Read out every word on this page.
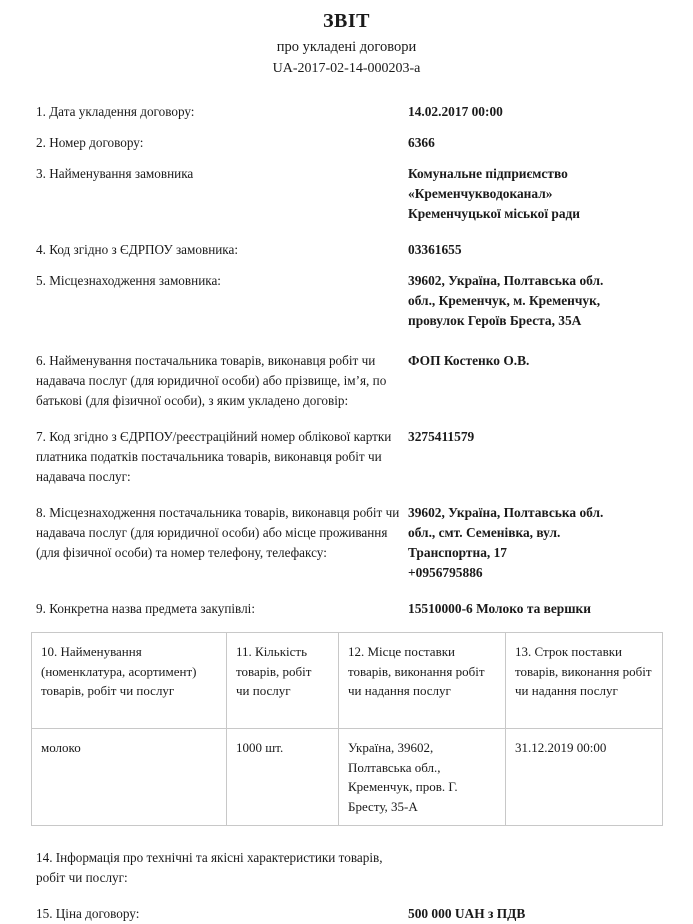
ЗВІТ
про укладені договори
UA-2017-02-14-000203-а
1. Дата укладення договору:	14.02.2017 00:00
2. Номер договору:	6366
3. Найменування замовника	Комунальне підприємство
«Кременчукводоканал»
Кременчуцької міської ради
4. Код згідно з ЄДРПОУ замовника:	03361655
5. Місцезнаходження замовника:	39602, Україна, Полтавська обл.
обл., Кременчук, м. Кременчук,
провулок Героїв Бреста, 35А
6. Найменування постачальника товарів, виконавця робіт чи надавача послуг (для юридичної особи) або прізвище, ім’я, по батькові (для фізичної особи), з яким укладено договір:
ФОП Костенко О.В.
7. Код згідно з ЄДРПОУ/реєстраційний номер облікової картки платника податків постачальника товарів, виконавця робіт чи надавача послуг:
3275411579
8. Місцезнаходження постачальника товарів, виконавця робіт чи надавача послуг (для юридичної особи) або місце проживання (для фізичної особи) та номер телефону, телефаксу:
39602, Україна, Полтавська обл.
обл., смт. Семенівка, вул.
Транспортна, 17
+0956795886
9. Конкретна назва предмета закупівлі:	15510000-6 Молоко та вершки
10. Найменування (номенклатура, асортимент) товарів, робіт чи послуг	11. Кількість товарів, робіт чи послуг	12. Місце поставки товарів, виконання робіт чи надання послуг	13. Строк поставки товарів, виконання робіт чи надання послуг

молоко	1000 шт.	Україна, 39602,
Полтавська обл.,
Кременчук, пров. Г.
Бресту, 35-А	31.12.2019 00:00
14. Інформація про технічні та якісні характеристики товарів, робіт чи послуг:
15. Ціна договору:	500 000 UAH з ПДВ
